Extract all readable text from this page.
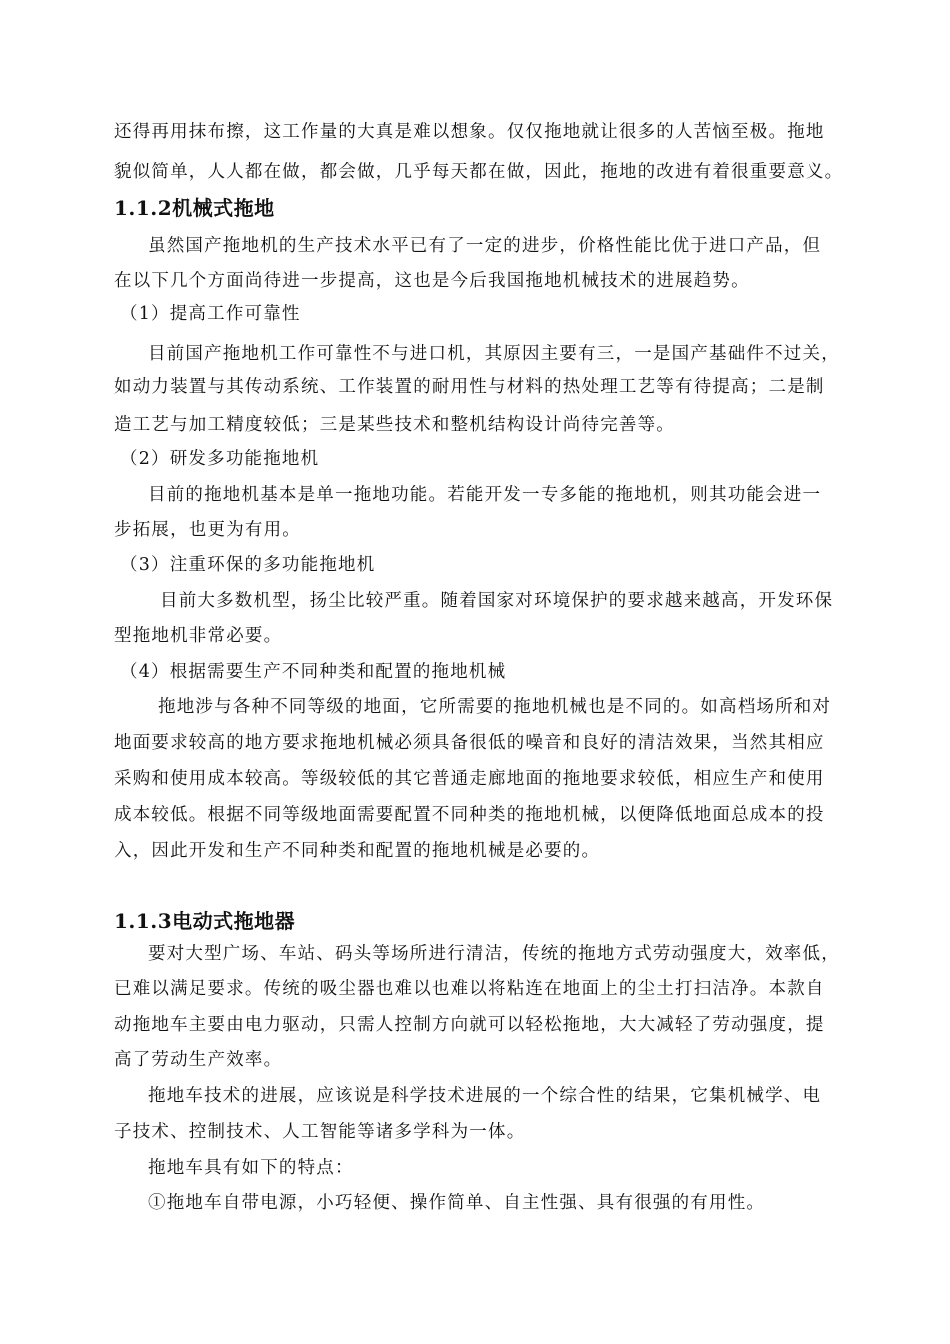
还得再用抹布擦，这工作量的大真是难以想象。仅仅拖地就让很多的人苦恼至极。拖地
貌似简单，人人都在做，都会做，几乎每天都在做，因此，拖地的改进有着很重要意义。
1.1.2机械式拖地
虽然国产拖地机的生产技术水平已有了一定的进步，价格性能比优于进口产品，但
在以下几个方面尚待进一步提高，这也是今后我国拖地机械技术的进展趋势。
（1）提高工作可靠性
目前国产拖地机工作可靠性不与进口机，其原因主要有三，一是国产基础件不过关，
如动力装置与其传动系统、工作装置的耐用性与材料的热处理工艺等有待提高；二是制
造工艺与加工精度较低；三是某些技术和整机结构设计尚待完善等。
（2）研发多功能拖地机
目前的拖地机基本是单一拖地功能。若能开发一专多能的拖地机，则其功能会进一
步拓展，也更为有用。
（3）注重环保的多功能拖地机
目前大多数机型，扬尘比较严重。随着国家对环境保护的要求越来越高，开发环保
型拖地机非常必要。
（4）根据需要生产不同种类和配置的拖地机械
拖地涉与各种不同等级的地面，它所需要的拖地机械也是不同的。如高档场所和对
地面要求较高的地方要求拖地机械必须具备很低的噪音和良好的清洁效果，当然其相应
采购和使用成本较高。等级较低的其它普通走廊地面的拖地要求较低，相应生产和使用
成本较低。根据不同等级地面需要配置不同种类的拖地机械，以便降低地面总成本的投
入，因此开发和生产不同种类和配置的拖地机械是必要的。
1.1.3电动式拖地器
要对大型广场、车站、码头等场所进行清洁，传统的拖地方式劳动强度大，效率低，
已难以满足要求。传统的吸尘器也难以也难以将粘连在地面上的尘土打扫洁净。本款自
动拖地车主要由电力驱动，只需人控制方向就可以轻松拖地，大大减轻了劳动强度，提
高了劳动生产效率。
拖地车技术的进展，应该说是科学技术进展的一个综合性的结果，它集机械学、电
子技术、控制技术、人工智能等诸多学科为一体。
拖地车具有如下的特点：
①拖地车自带电源，小巧轻便、操作简单、自主性强、具有很强的有用性。
